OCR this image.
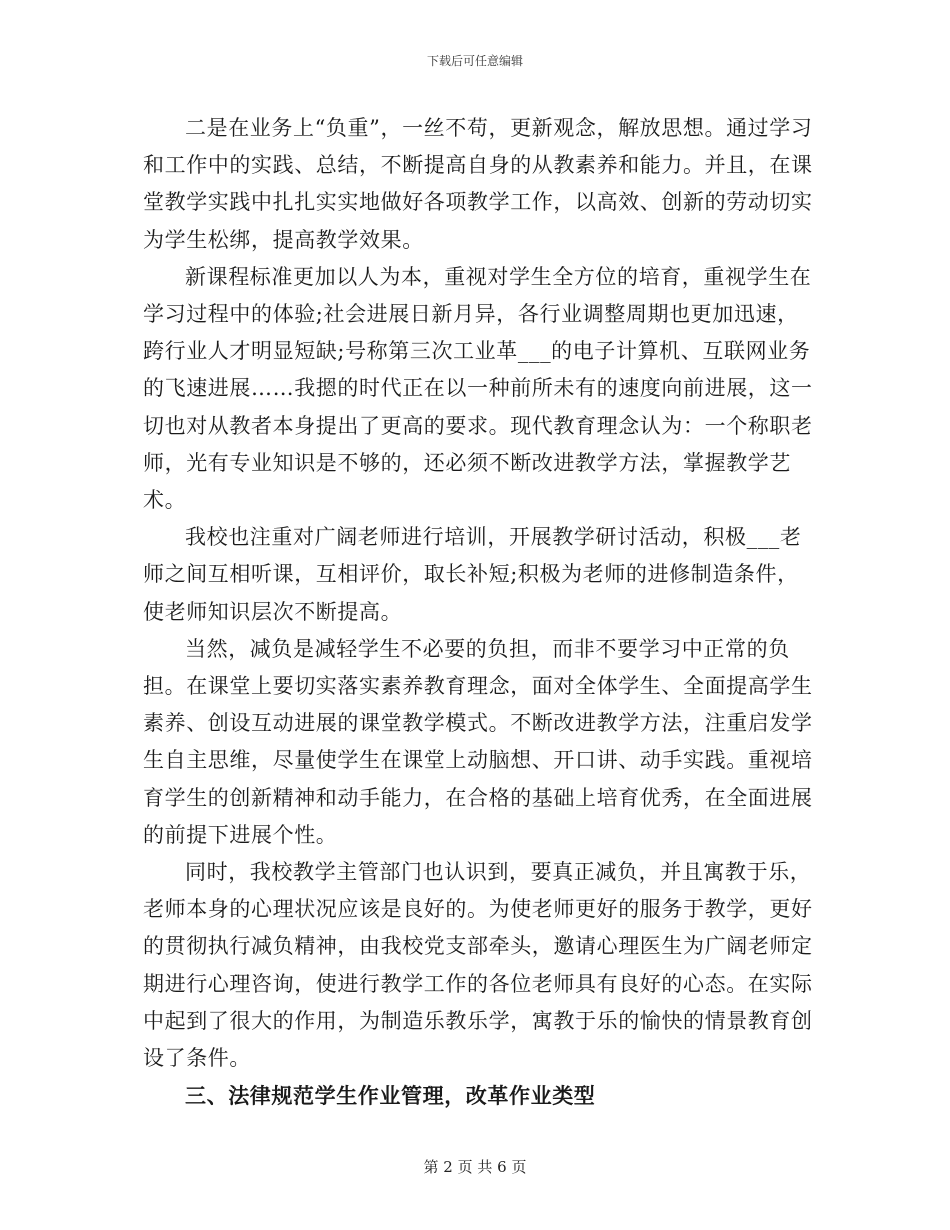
下载后可任意编辑

二是在业务上“负重”，一丝不苟，更新观念，解放思想。通过学习和工作中的实践、总结，不断提高自身的从教素养和能力。并且，在课堂教学实践中扎扎实实地做好各项教学工作，以高效、创新的劳动切实为学生松绑，提高教学效果。

新课程标准更加以人为本，重视对学生全方位的培育，重视学生在学习过程中的体验;社会进展日新月异，各行业调整周期也更加迅速，跨行业人才明显短缺;号称第三次工业革___的电子计算机、互联网业务的飞速进展……我摁的时代正在以一种前所未有的速度向前进展，这一切也对从教者本身提出了更高的要求。现代教育理念认为：一个称职老师，光有专业知识是不够的，还必须不断改进教学方法，掌握教学艺术。

我校也注重对广阔老师进行培训，开展教学研讨活动，积极___老师之间互相听课，互相评价，取长补短;积极为老师的进修制造条件，使老师知识层次不断提高。

当然，减负是减轻学生不必要的负担，而非不要学习中正常的负担。在课堂上要切实落实素养教育理念，面对全体学生、全面提高学生素养、创设互动进展的课堂教学模式。不断改进教学方法，注重启发学生自主思维，尽量使学生在课堂上动脑想、开口讲、动手实践。重视培育学生的创新精神和动手能力，在合格的基础上培育优秀，在全面进展的前提下进展个性。

同时，我校教学主管部门也认识到，要真正减负，并且寓教于乐，老师本身的心理状况应该是良好的。为使老师更好的服务于教学，更好的贯彻执行减负精神，由我校党支部牵头，邀请心理医生为广阔老师定期进行心理咨询，使进行教学工作的各位老师具有良好的心态。在实际中起到了很大的作用，为制造乐教乐学，寓教于乐的愉快的情景教育创设了条件。

三、法律规范学生作业管理，改革作业类型

第 2 页 共 6 页
